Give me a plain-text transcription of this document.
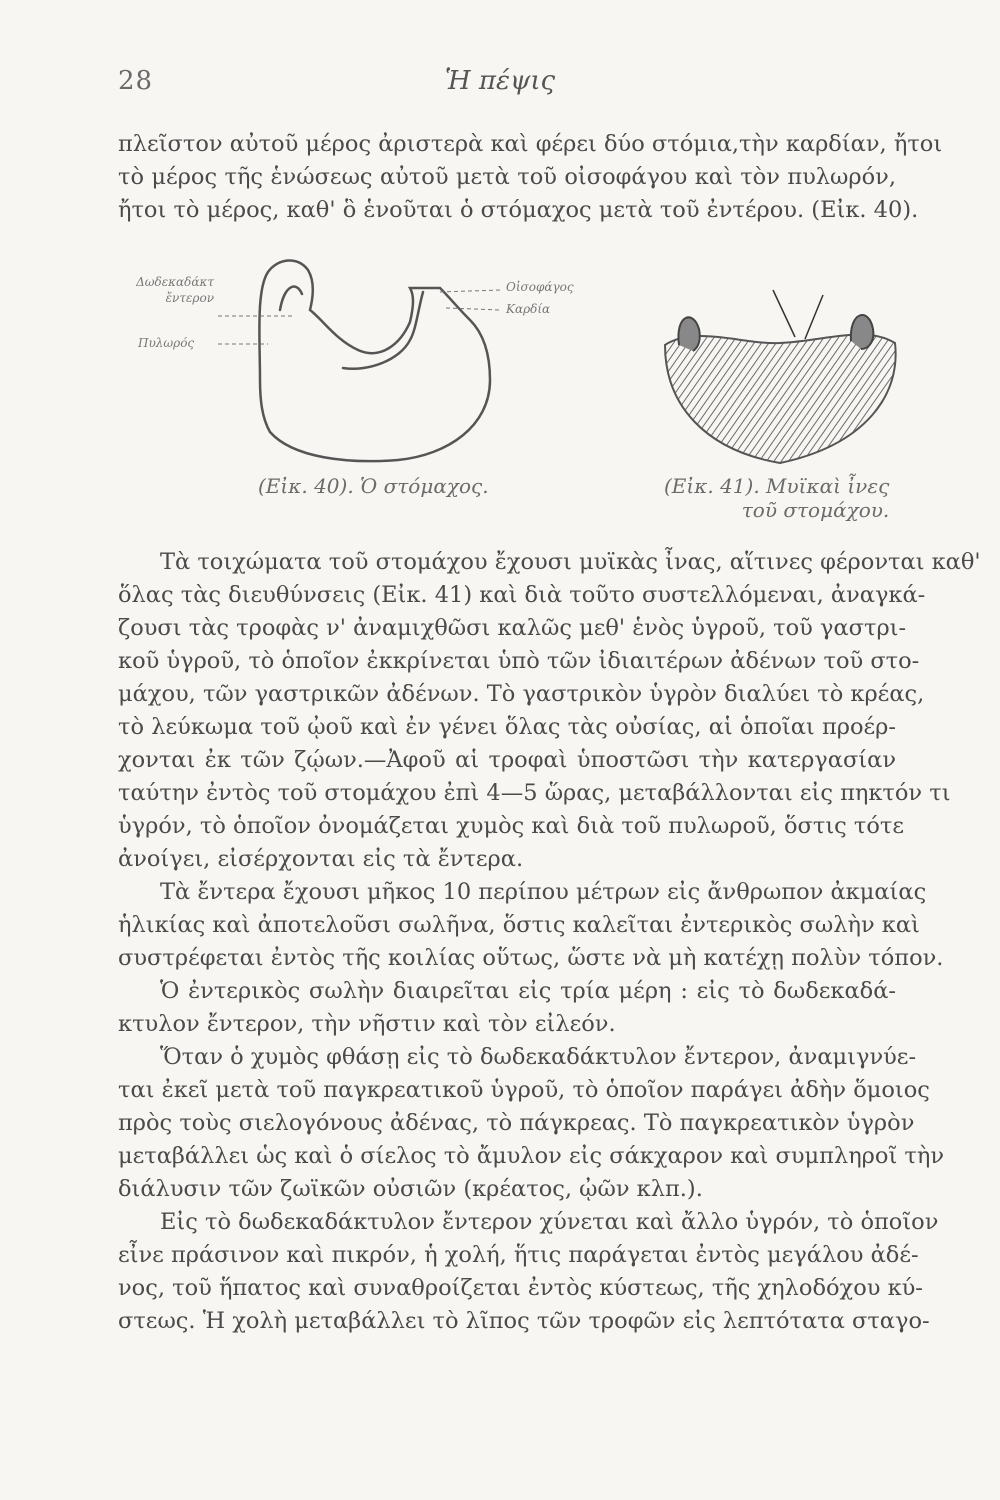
28	Ἡ πέψις
πλεῖστον αὐτοῦ μέρος ἀριστερὰ καὶ φέρει δύο στόμια,τὴν καρδίαν, ἤτοι
τὸ μέρος τῆς ἑνώσεως αὐτοῦ μετὰ τοῦ οἰσοφάγου καὶ τὸν πυλωρόν,
ἤτοι τὸ μέρος, καθ' ὃ ἑνοῦται ὁ στόμαχος μετὰ τοῦ ἐντέρου. (Εἰκ. 40).
Δωδεκαδάκτ ἔντερον
Πυλωρός
Οἰσοφάγος
Καρδία
(Εἰκ. 40). Ὁ στόμαχος.	(Εἰκ. 41). Μυϊκαὶ ἶνες
τοῦ στομάχου.
Τὰ τοιχώματα τοῦ στομάχου ἔχουσι μυϊκὰς ἶνας, αἵτινες φέρονται καθ'
ὅλας τὰς διευθύνσεις (Εἰκ. 41) καὶ διὰ τοῦτο συστελλόμεναι, ἀναγκά-
ζουσι τὰς τροφὰς ν' ἀναμιχθῶσι καλῶς μεθ' ἑνὸς ὑγροῦ, τοῦ γαστρι-
κοῦ ὑγροῦ, τὸ ὁποῖον ἐκκρίνεται ὑπὸ τῶν ἰδιαιτέρων ἀδένων τοῦ στο-
μάχου, τῶν γαστρικῶν ἀδένων. Τὸ γαστρικὸν ὑγρὸν διαλύει τὸ κρέας,
τὸ λεύκωμα τοῦ ᾠοῦ καὶ ἐν γένει ὅλας τὰς οὐσίας, αἱ ὁποῖαι προέρ-
χονται ἐκ τῶν ζῴων.—Ἀφοῦ αἱ τροφαὶ ὑποστῶσι τὴν κατεργασίαν
ταύτην ἐντὸς τοῦ στομάχου ἐπὶ 4—5 ὥρας, μεταβάλλονται εἰς πηκτόν τι
ὑγρόν, τὸ ὁποῖον ὀνομάζεται χυμὸς καὶ διὰ τοῦ πυλωροῦ, ὅστις τότε
ἀνοίγει, εἰσέρχονται εἰς τὰ ἔντερα.
Τὰ ἔντερα ἔχουσι μῆκος 10 περίπου μέτρων εἰς ἄνθρωπον ἀκμαίας
ἡλικίας καὶ ἀποτελοῦσι σωλῆνα, ὅστις καλεῖται ἐντερικὸς σωλὴν καὶ
συστρέφεται ἐντὸς τῆς κοιλίας οὕτως, ὥστε νὰ μὴ κατέχῃ πολὺν τόπον.
Ὁ ἐντερικὸς σωλὴν διαιρεῖται εἰς τρία μέρη : εἰς τὸ δωδεκαδά-
κτυλον ἔντερον, τὴν νῆστιν καὶ τὸν εἰλεόν.
Ὅταν ὁ χυμὸς φθάσῃ εἰς τὸ δωδεκαδάκτυλον ἔντερον, ἀναμιγνύε-
ται ἐκεῖ μετὰ τοῦ παγκρεατικοῦ ὑγροῦ, τὸ ὁποῖον παράγει ἀδὴν ὅμοιος
πρὸς τοὺς σιελογόνους ἀδένας, τὸ πάγκρεας. Τὸ παγκρεατικὸν ὑγρὸν
μεταβάλλει ὡς καὶ ὁ σίελος τὸ ἄμυλον εἰς σάκχαρον καὶ συμπληροῖ τὴν
διάλυσιν τῶν ζωϊκῶν οὐσιῶν (κρέατος, ᾠῶν κλπ.).
Εἰς τὸ δωδεκαδάκτυλον ἔντερον χύνεται καὶ ἄλλο ὑγρόν, τὸ ὁποῖον
εἶνε πράσινον καὶ πικρόν, ἡ χολή, ἥτις παράγεται ἐντὸς μεγάλου ἀδέ-
νος, τοῦ ἥπατος καὶ συναθροίζεται ἐντὸς κύστεως, τῆς χηλοδόχου κύ-
στεως. Ἡ χολὴ μεταβάλλει τὸ λῖπος τῶν τροφῶν εἰς λεπτότατα σταγο-
